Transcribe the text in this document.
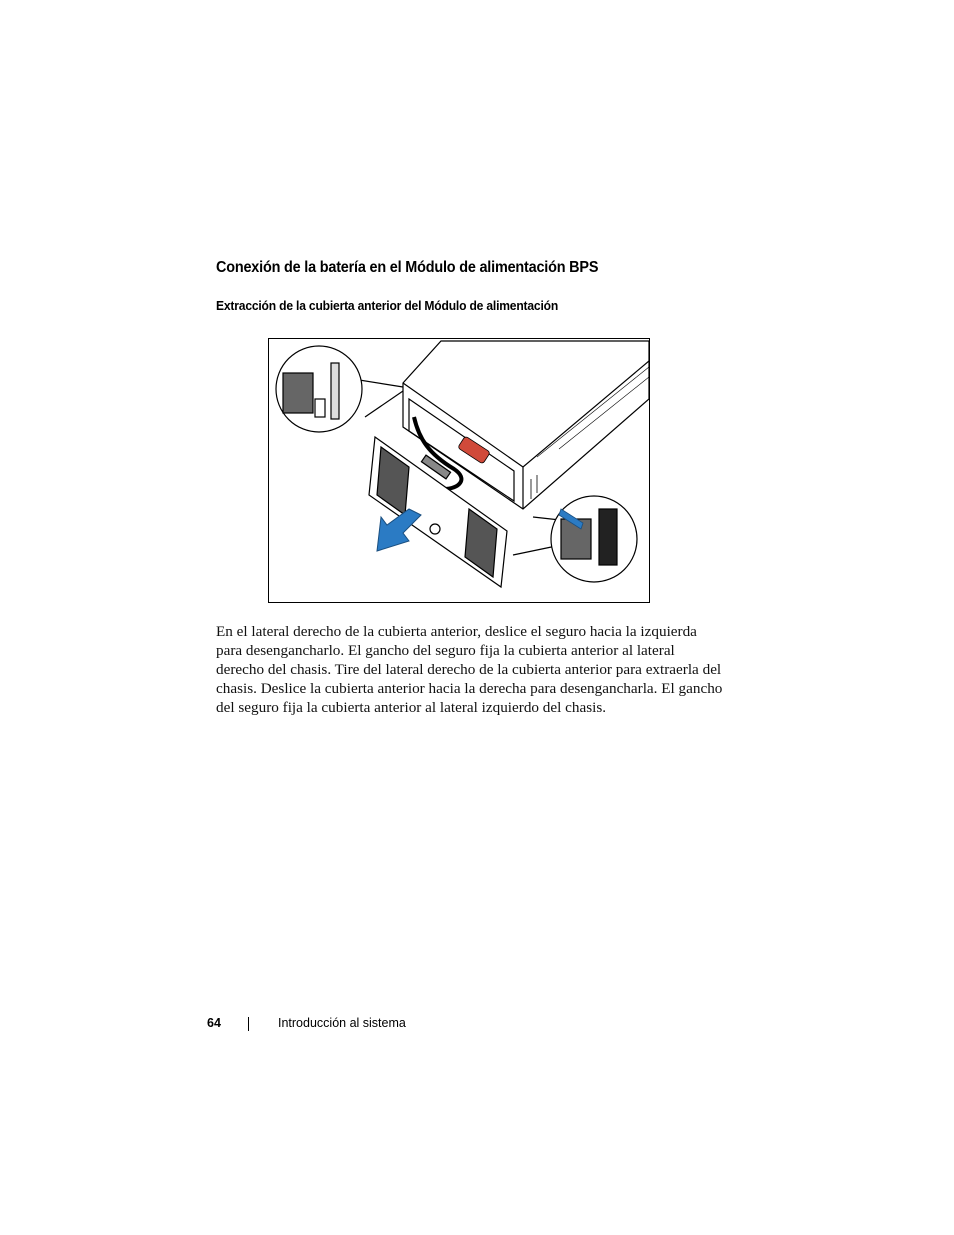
Conexión de la batería en el Módulo de alimentación BPS
Extracción de la cubierta anterior del Módulo de alimentación

En el lateral derecho de la cubierta anterior, deslice el seguro hacia la izquierda para desengancharlo. El gancho del seguro fija la cubierta anterior al lateral derecho del chasis. Tire del lateral derecho de la cubierta anterior para extraerla del chasis. Deslice la cubierta anterior hacia la derecha para desengancharla. El gancho del seguro fija la cubierta anterior al lateral izquierdo del chasis.

64	Introducción al sistema
